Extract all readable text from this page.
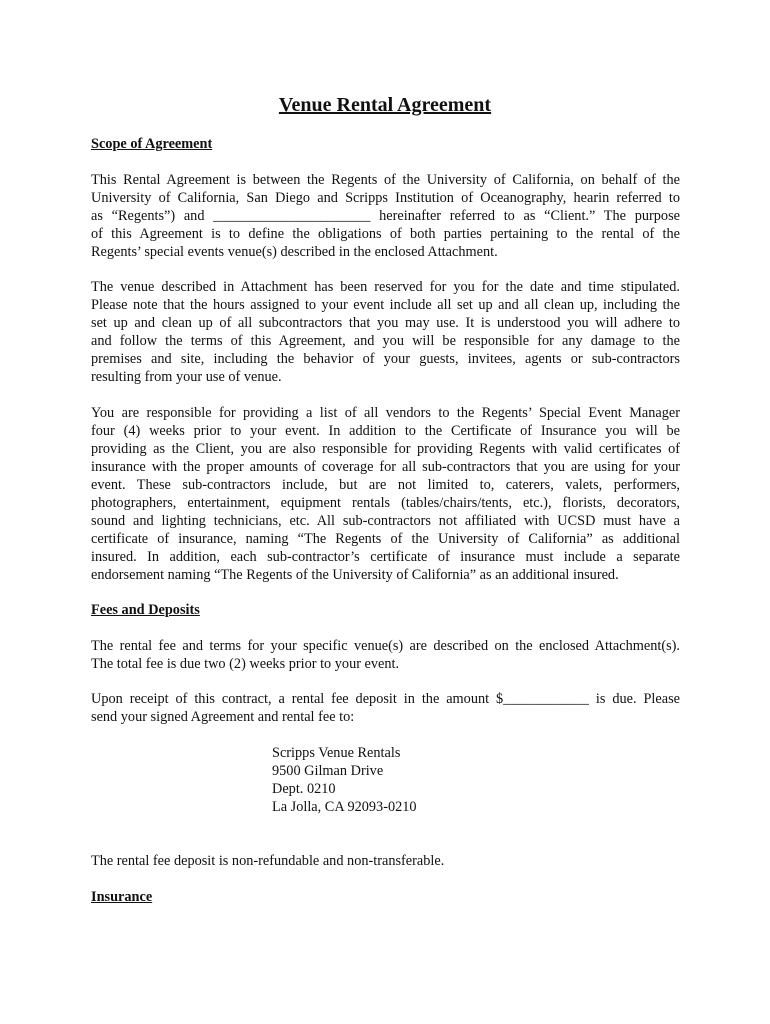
Venue Rental Agreement
Scope of Agreement
This Rental Agreement is between the Regents of the University of California, on behalf of the
University of California, San Diego and Scripps Institution of Oceanography, hearin referred to
as “Regents”) and ______________________ hereinafter referred to as “Client.” The purpose
of this Agreement is to define the obligations of both parties pertaining to the rental of the
Regents’ special events venue(s) described in the enclosed Attachment.
The venue described in Attachment has been reserved for you for the date and time stipulated.
Please note that the hours assigned to your event include all set up and all clean up, including the
set up and clean up of all subcontractors that you may use. It is understood you will adhere to
and follow the terms of this Agreement, and you will be responsible for any damage to the
premises and site, including the behavior of your guests, invitees, agents or sub-contractors
resulting from your use of venue.
You are responsible for providing a list of all vendors to the Regents’ Special Event Manager
four (4) weeks prior to your event. In addition to the Certificate of Insurance you will be
providing as the Client, you are also responsible for providing Regents with valid certificates of
insurance with the proper amounts of coverage for all sub-contractors that you are using for your
event. These sub-contractors include, but are not limited to, caterers, valets, performers,
photographers, entertainment, equipment rentals (tables/chairs/tents, etc.), florists, decorators,
sound and lighting technicians, etc. All sub-contractors not affiliated with UCSD must have a
certificate of insurance, naming “The Regents of the University of California” as additional
insured. In addition, each sub-contractor’s certificate of insurance must include a separate
endorsement naming “The Regents of the University of California” as an additional insured.
Fees and Deposits
The rental fee and terms for your specific venue(s) are described on the enclosed Attachment(s).
The total fee is due two (2) weeks prior to your event.
Upon receipt of this contract, a rental fee deposit in the amount $____________ is due. Please
send your signed Agreement and rental fee to:
Scripps Venue Rentals
9500 Gilman Drive
Dept. 0210
La Jolla, CA 92093-0210
The rental fee deposit is non-refundable and non-transferable.
Insurance
